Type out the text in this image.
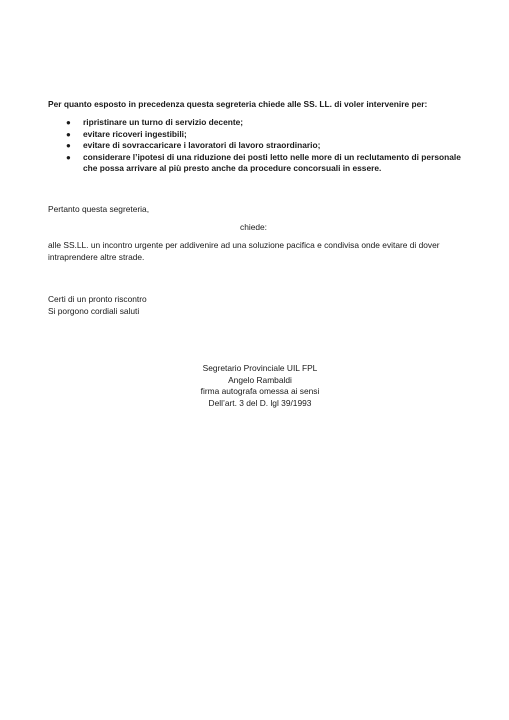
Per quanto esposto in precedenza questa segreteria chiede alle SS. LL. di voler intervenire per:
● ripristinare un turno di servizio decente;
● evitare ricoveri ingestibili;
● evitare di sovraccaricare i lavoratori di lavoro straordinario;
● considerare l’ipotesi di una riduzione dei posti letto nelle more di un reclutamento di personale che possa arrivare al più presto anche da procedure concorsuali in essere.
Pertanto questa segreteria,
chiede:
alle SS.LL. un incontro urgente per addivenire ad una soluzione pacifica e condivisa onde evitare di dover intraprendere altre strade.
Certi di un pronto riscontro
Si porgono cordiali saluti
Segretario Provinciale UIL FPL
Angelo Rambaldi
firma autografa omessa ai sensi
Dell’art. 3 del D. lgl 39/1993
